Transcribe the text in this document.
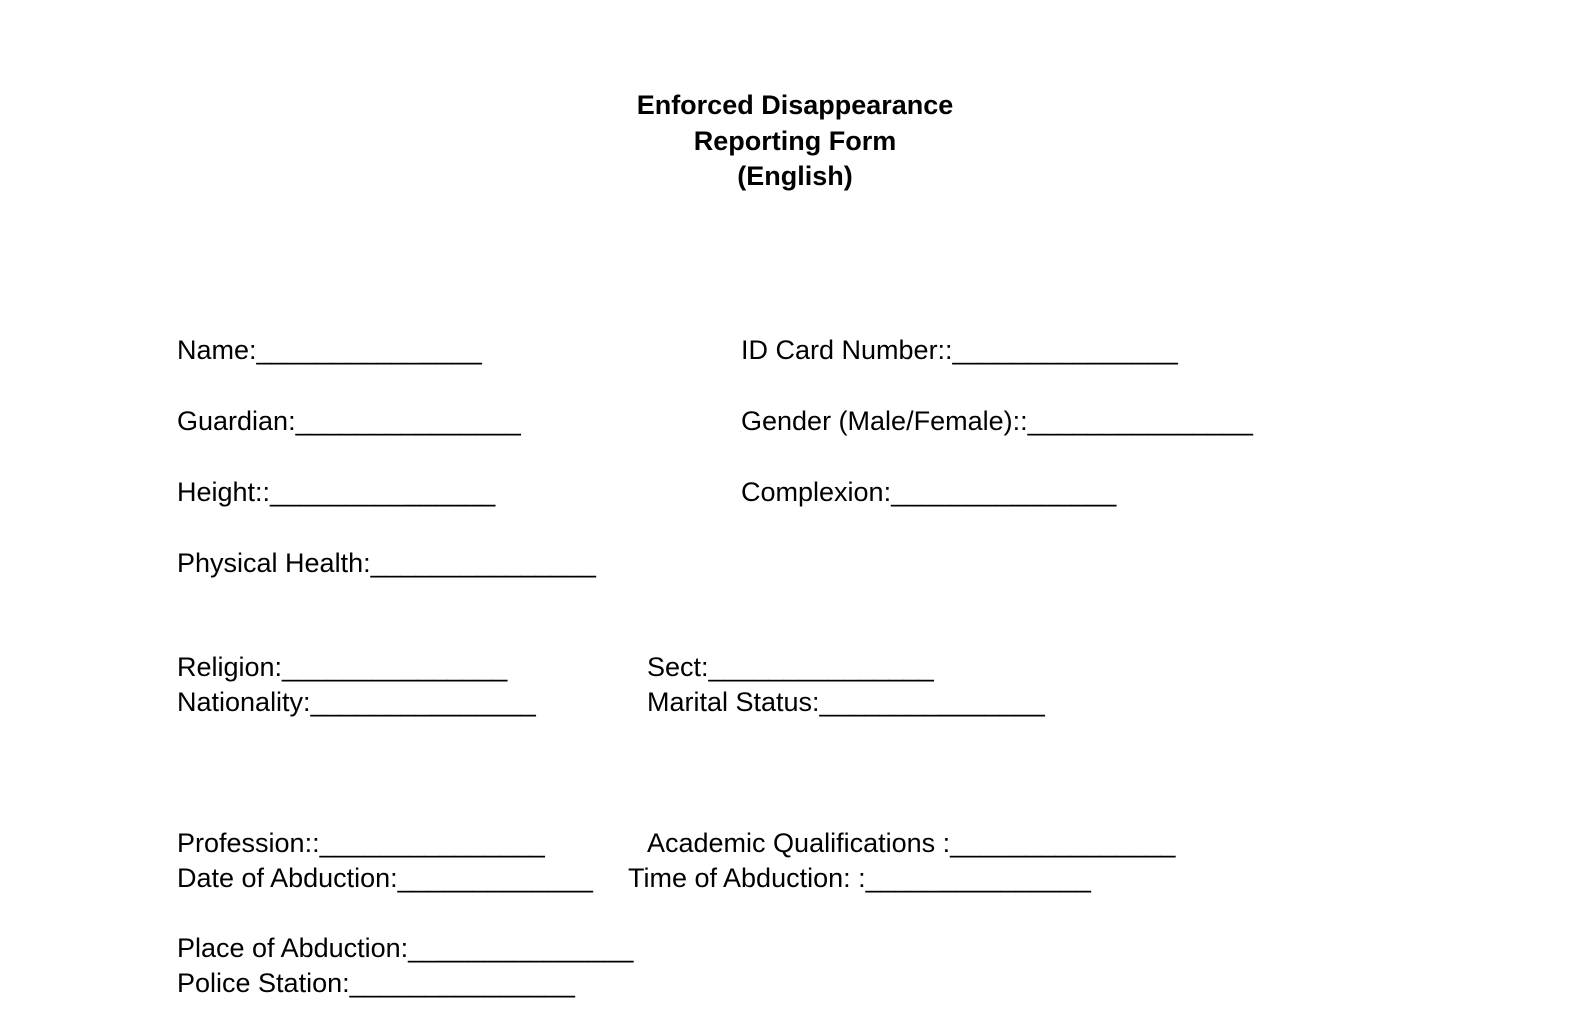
Enforced Disappearance
Reporting Form
(English)
Name:_______________	ID Card Number::_______________
Guardian:_______________	Gender (Male/Female)::_______________
Height::_______________	Complexion:_______________
Physical Health:_______________
Religion:_______________	Sect:_______________
Nationality:_______________	Marital Status:_______________
Profession::_______________	Academic Qualifications :_______________
Date of Abduction:_____________ Time of Abduction: :_______________
Place of Abduction:_______________
Police Station:_______________
